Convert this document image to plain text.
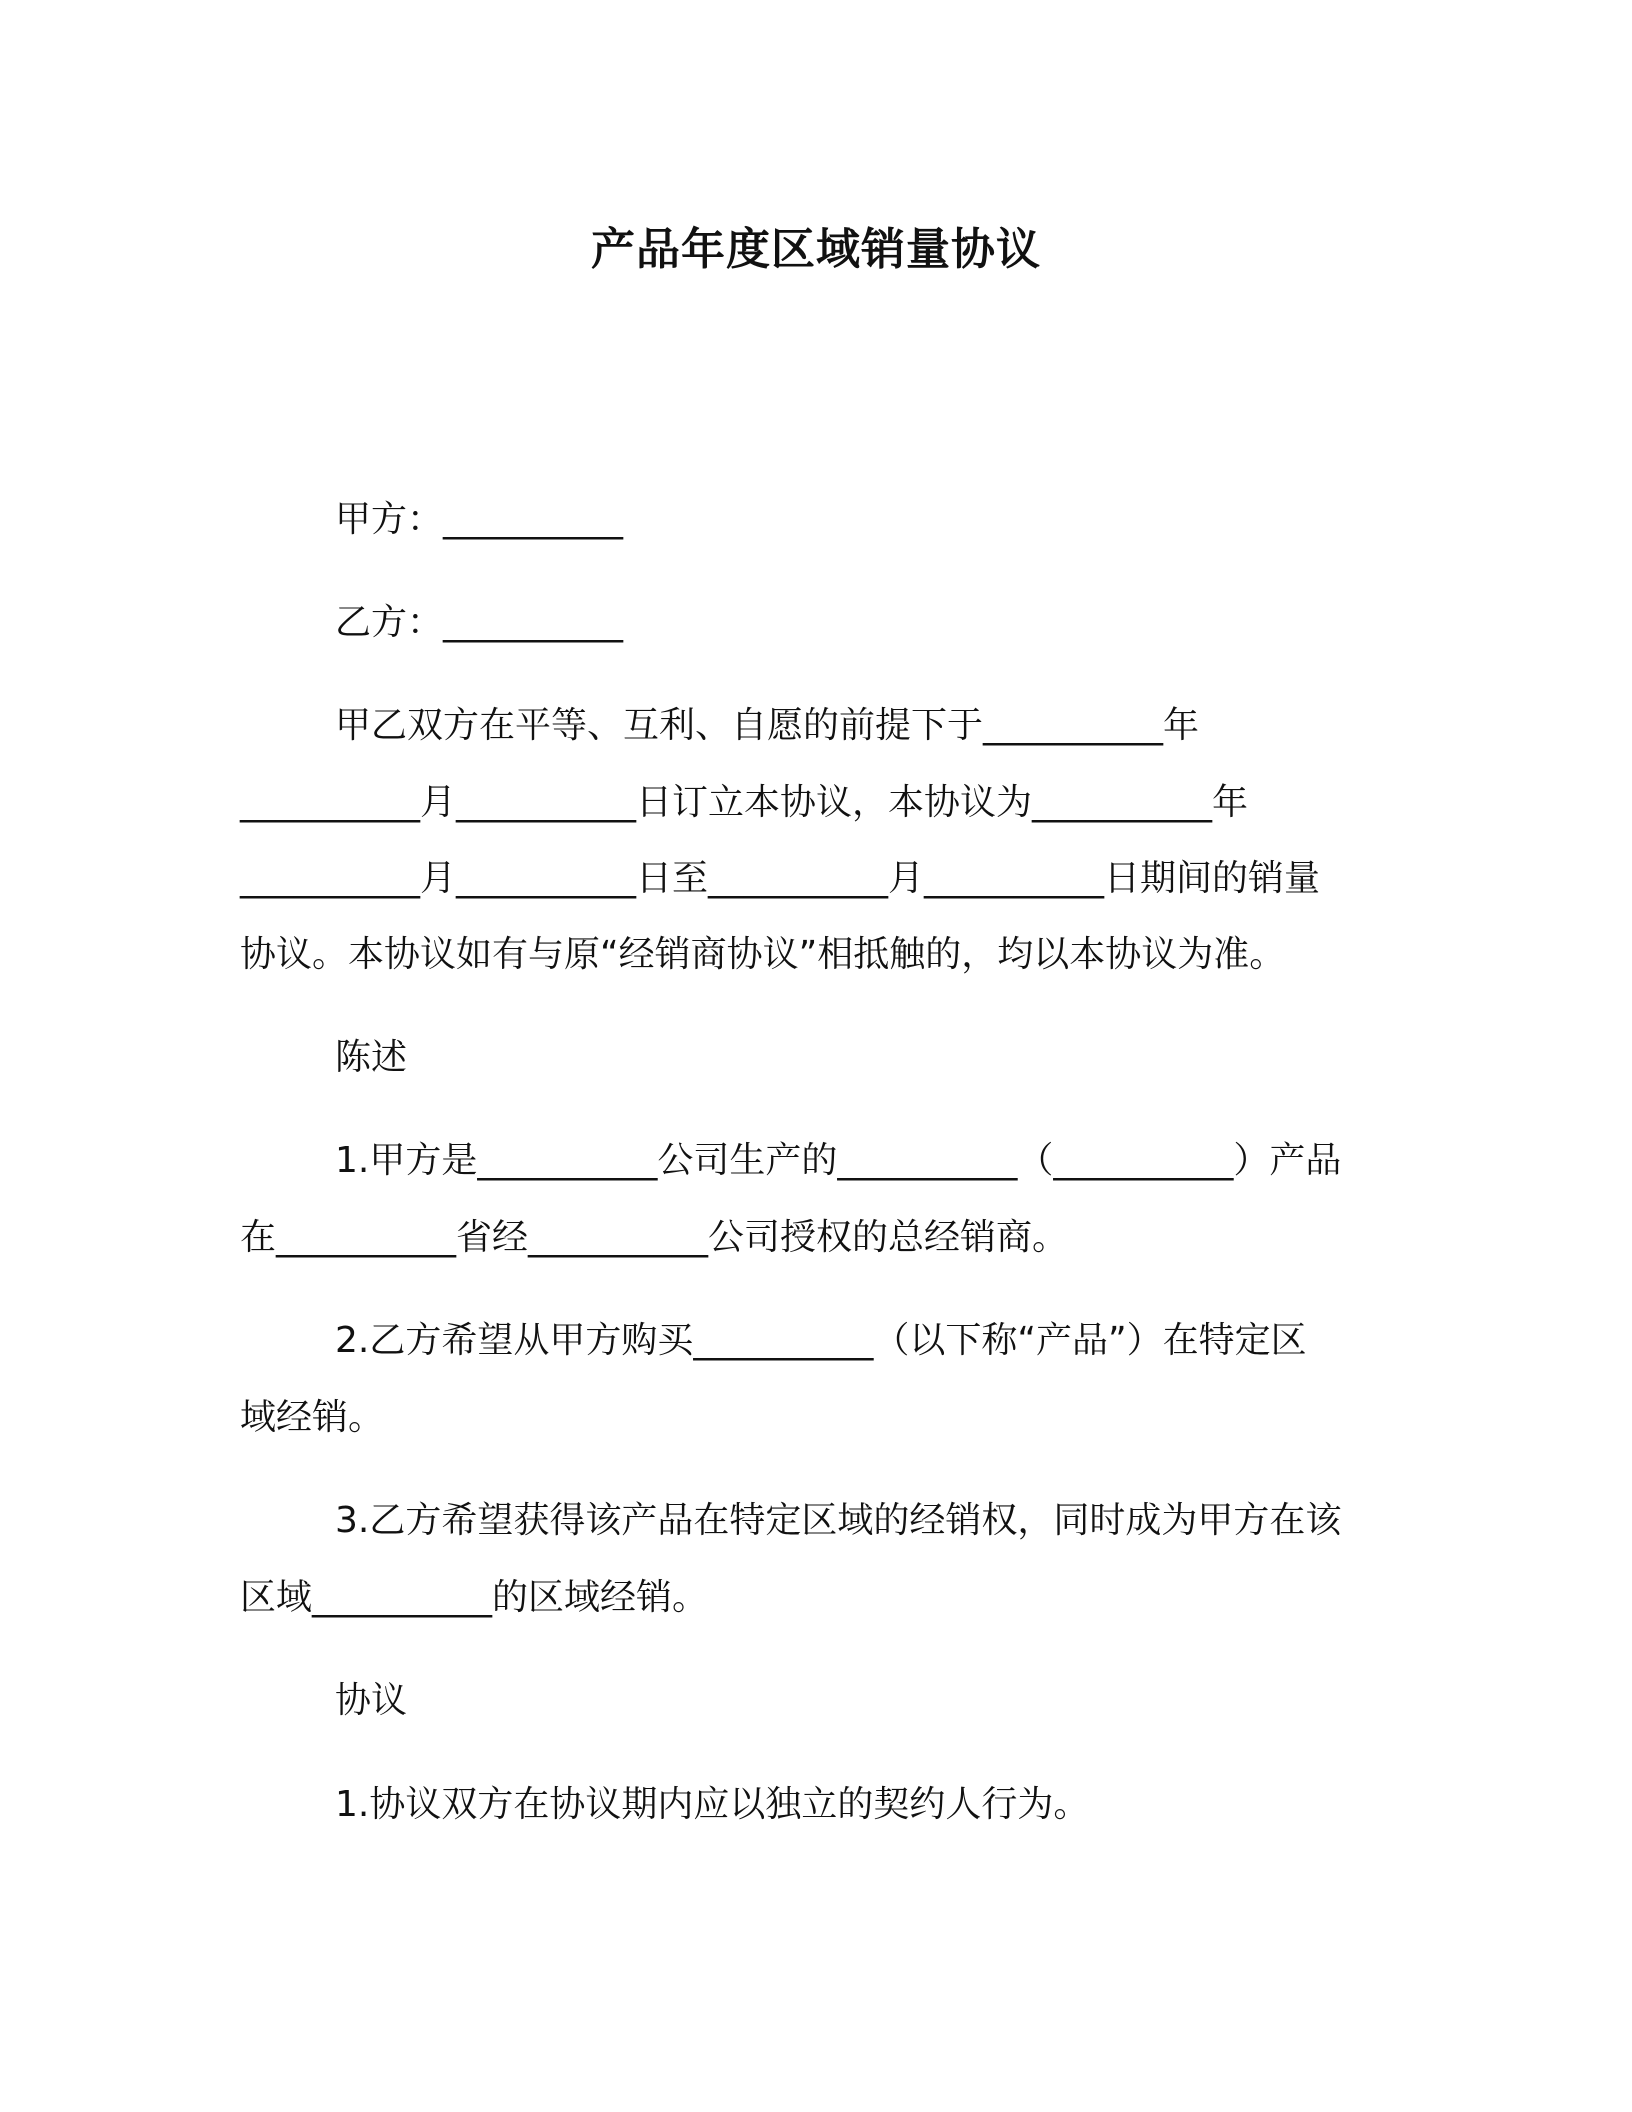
产品年度区域销量协议
甲方：__________
乙方：__________
甲乙双方在平等、互利、自愿的前提下于__________年
__________月__________日订立本协议，本协议为__________年
__________月__________日至__________月__________日期间的销量
协议。本协议如有与原“经销商协议”相抵触的，均以本协议为准。
陈述
1.甲方是__________公司生产的__________（__________）产品
在__________省经__________公司授权的总经销商。
2.乙方希望从甲方购买__________（以下称“产品”）在特定区
域经销。
3.乙方希望获得该产品在特定区域的经销权，同时成为甲方在该
区域__________的区域经销。
协议
1.协议双方在协议期内应以独立的契约人行为。
